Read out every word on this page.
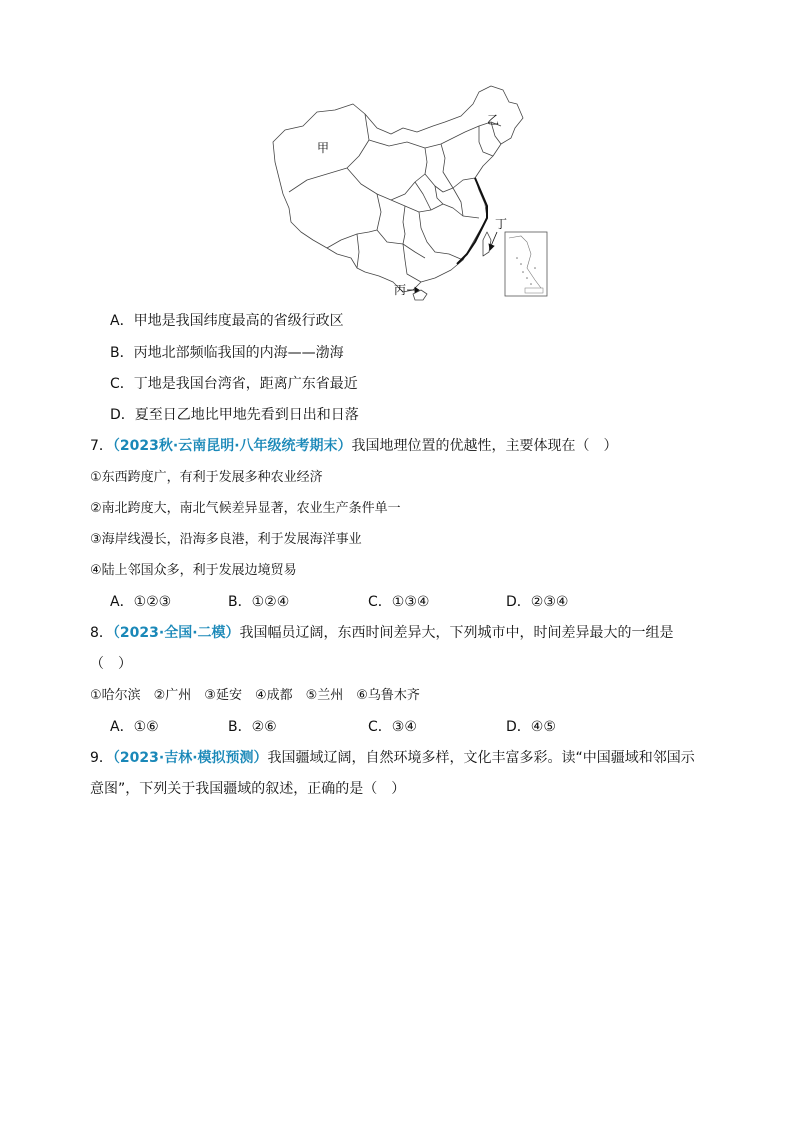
甲
乙
丙
丁
A．甲地是我国纬度最高的省级行政区
B．丙地北部频临我国的内海——渤海
C．丁地是我国台湾省，距离广东省最近
D．夏至日乙地比甲地先看到日出和日落
7．（2023秋·云南昆明·八年级统考期末）我国地理位置的优越性，主要体现在（　）
①东西跨度广，有利于发展多种农业经济
②南北跨度大，南北气候差异显著，农业生产条件单一
③海岸线漫长，沿海多良港，利于发展海洋事业
④陆上邻国众多，利于发展边境贸易
A．①②③	B．①②④	C．①③④	D．②③④
8．（2023·全国·二模）我国幅员辽阔，东西时间差异大，下列城市中，时间差异最大的一组是
（　）
①哈尔滨　②广州　③延安　④成都　⑤兰州　⑥乌鲁木齐
A．①⑥	B．②⑥	C．③④	D．④⑤
9．（2023·吉林·模拟预测）我国疆域辽阔，自然环境多样，文化丰富多彩。读“中国疆域和邻国示
意图”，下列关于我国疆域的叙述，正确的是（　）
